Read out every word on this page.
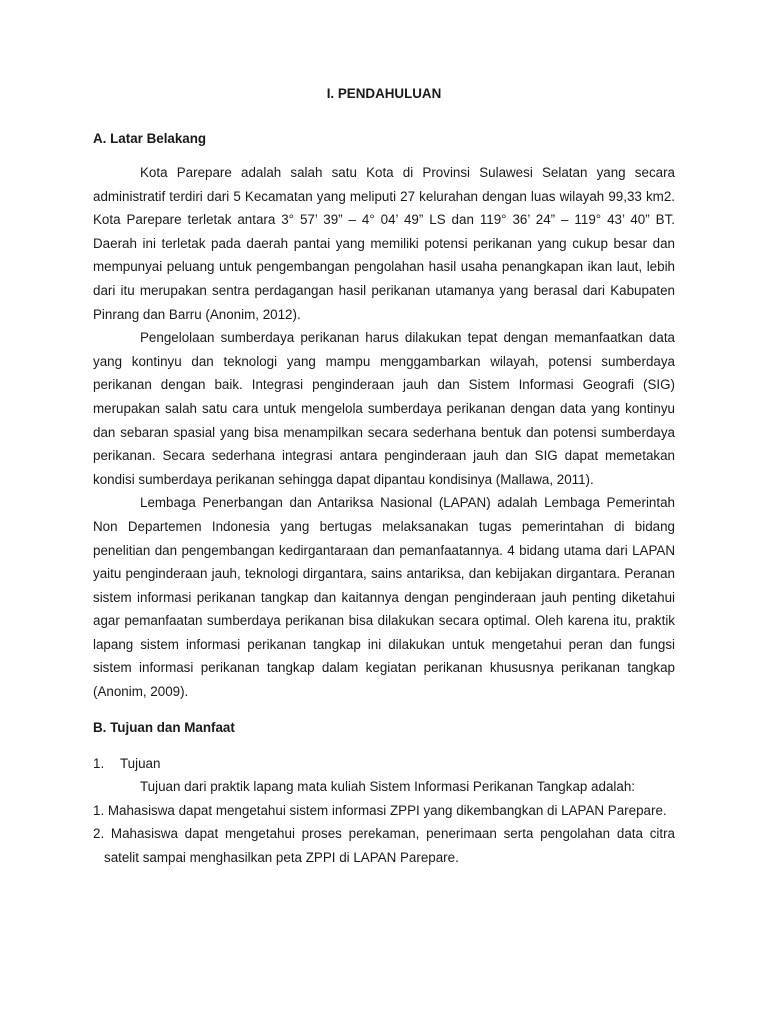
I. PENDAHULUAN

A. Latar Belakang

Kota Parepare adalah salah satu Kota di Provinsi Sulawesi Selatan yang secara administratif terdiri dari 5 Kecamatan yang meliputi 27 kelurahan dengan luas wilayah 99,33 km2. Kota Parepare terletak antara 3° 57’ 39” – 4° 04’ 49” LS dan 119° 36’ 24” – 119° 43’ 40” BT. Daerah ini terletak pada daerah pantai yang memiliki potensi perikanan yang cukup besar dan mempunyai peluang untuk pengembangan pengolahan hasil usaha penangkapan ikan laut, lebih dari itu merupakan sentra perdagangan hasil perikanan utamanya yang berasal dari Kabupaten Pinrang dan Barru (Anonim, 2012).

Pengelolaan sumberdaya perikanan harus dilakukan tepat dengan memanfaatkan data yang kontinyu dan teknologi yang mampu menggambarkan wilayah, potensi sumberdaya perikanan dengan baik. Integrasi penginderaan jauh dan Sistem Informasi Geografi (SIG) merupakan salah satu cara untuk mengelola sumberdaya perikanan dengan data yang kontinyu dan sebaran spasial yang bisa menampilkan secara sederhana bentuk dan potensi sumberdaya perikanan. Secara sederhana integrasi antara penginderaan jauh dan SIG dapat memetakan kondisi sumberdaya perikanan sehingga dapat dipantau kondisinya (Mallawa, 2011).

Lembaga Penerbangan dan Antariksa Nasional (LAPAN) adalah Lembaga Pemerintah Non Departemen Indonesia yang bertugas melaksanakan tugas pemerintahan di bidang penelitian dan pengembangan kedirgantaraan dan pemanfaatannya. 4 bidang utama dari LAPAN yaitu penginderaan jauh, teknologi dirgantara, sains antariksa, dan kebijakan dirgantara. Peranan sistem informasi perikanan tangkap dan kaitannya dengan penginderaan jauh penting diketahui agar pemanfaatan sumberdaya perikanan bisa dilakukan secara optimal. Oleh karena itu, praktik lapang sistem informasi perikanan tangkap ini dilakukan untuk mengetahui peran dan fungsi sistem informasi perikanan tangkap dalam kegiatan perikanan khususnya perikanan tangkap (Anonim, 2009).

B. Tujuan dan Manfaat

1. Tujuan

Tujuan dari praktik lapang mata kuliah Sistem Informasi Perikanan Tangkap adalah:

1. Mahasiswa dapat mengetahui sistem informasi ZPPI yang dikembangkan di LAPAN Parepare.

2. Mahasiswa dapat mengetahui proses perekaman, penerimaan serta pengolahan data citra satelit sampai menghasilkan peta ZPPI di LAPAN Parepare.
